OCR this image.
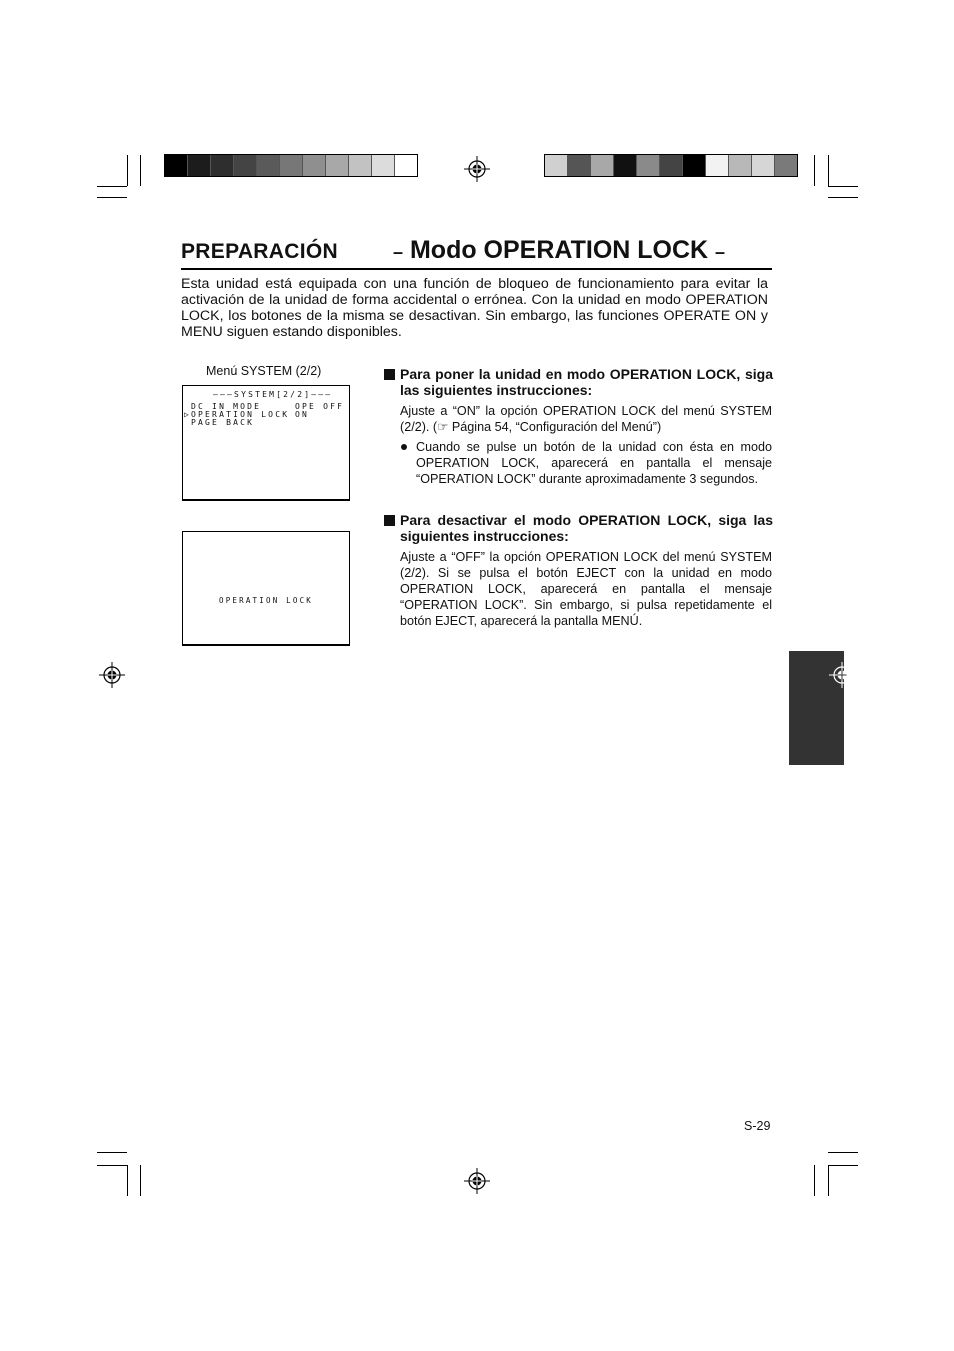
PREPARACIÓN	– Modo OPERATION LOCK –
Esta unidad está equipada con una función de bloqueo de funcionamiento para evitar la activación de la unidad de forma accidental o errónea. Con la unidad en modo OPERATION LOCK, los botones de la misma se desactivan. Sin embargo, las funciones OPERATE ON y MENU siguen estando disponibles.
Menú SYSTEM (2/2)
–––SYSTEM[2/2]–––
DC IN MODE	OPE OFF
▷ OPERATION LOCK ON
PAGE BACK
OPERATION LOCK
Para poner la unidad en modo OPERATION LOCK, siga las siguientes instrucciones:
Ajuste a “ON” la opción OPERATION LOCK del menú SYSTEM (2/2). (☞ Página 54, “Configuración del Menú”)
Cuando se pulse un botón de la unidad con ésta en modo OPERATION LOCK, aparecerá en pantalla el mensaje “OPERATION LOCK” durante aproximadamente 3 segundos.
Para desactivar el modo OPERATION LOCK, siga las siguientes instrucciones:
Ajuste a “OFF” la opción OPERATION LOCK del menú SYSTEM (2/2). Si se pulsa el botón EJECT con la unidad en modo OPERATION LOCK, aparecerá en pantalla el mensaje “OPERATION LOCK”. Sin embargo, si pulsa repetidamente el botón EJECT, aparecerá la pantalla MENÚ.
S-29
